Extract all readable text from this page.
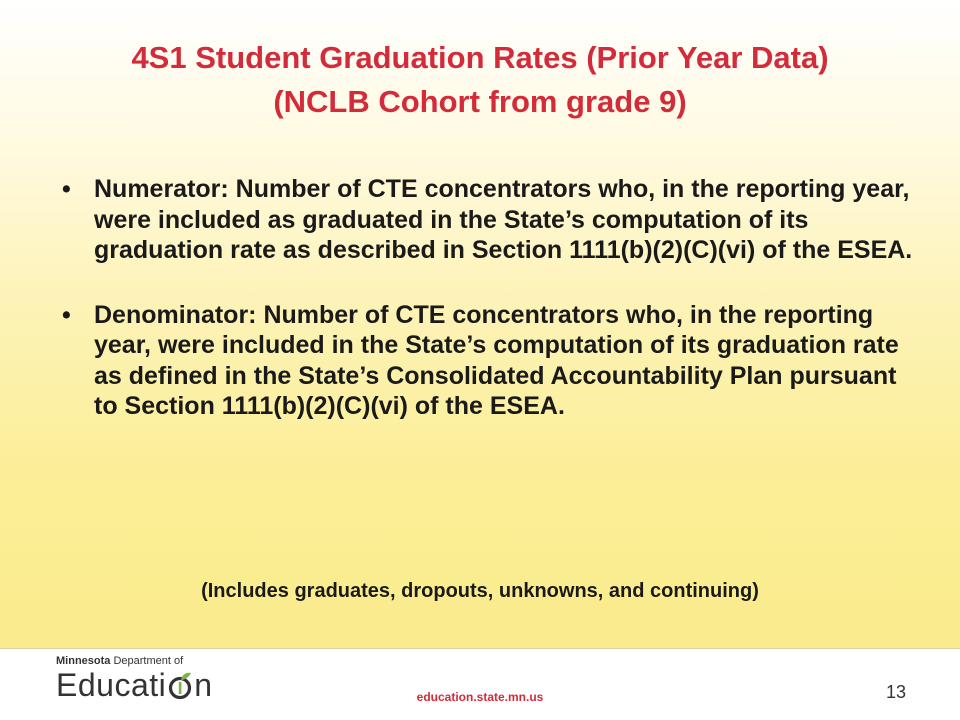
4S1 Student Graduation Rates (Prior Year Data)
(NCLB Cohort from grade 9)
• Numerator: Number of CTE concentrators who, in the reporting year, were included as graduated in the State’s computation of its graduation rate as described in Section 1111(b)(2)(C)(vi) of the ESEA.
• Denominator: Number of CTE concentrators who, in the reporting year, were included in the State’s computation of its graduation rate as defined in the State’s Consolidated Accountability Plan pursuant to Section 1111(b)(2)(C)(vi) of the ESEA.
(Includes graduates, dropouts, unknowns, and continuing)
Minnesota Department of
Educati n	education.state.mn.us	13
